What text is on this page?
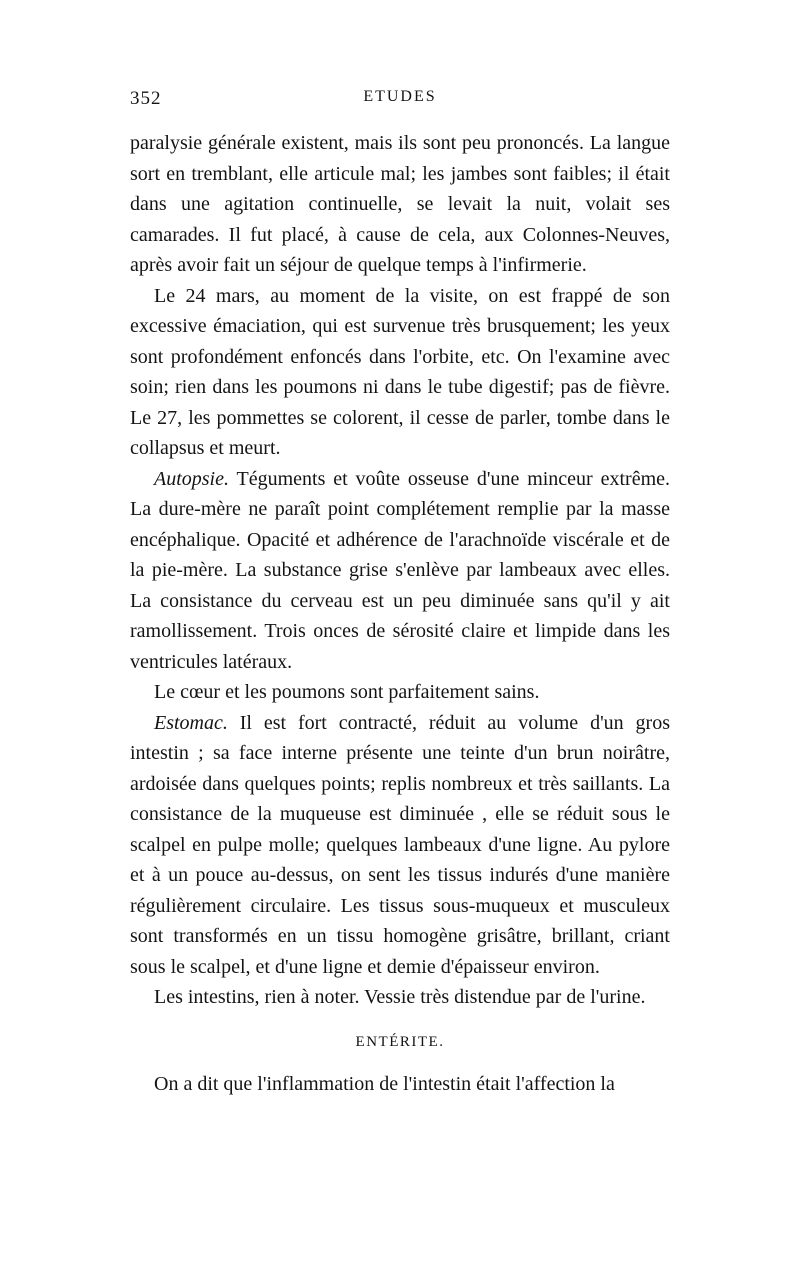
352	ETUDES

paralysie générale existent, mais ils sont peu prononcés. La langue sort en tremblant, elle articule mal; les jambes sont faibles; il était dans une agitation continuelle, se levait la nuit, volait ses camarades. Il fut placé, à cause de cela, aux Colonnes-Neuves, après avoir fait un séjour de quelque temps à l'infirmerie.

Le 24 mars, au moment de la visite, on est frappé de son excessive émaciation, qui est survenue très brusquement; les yeux sont profondément enfoncés dans l'orbite, etc. On l'examine avec soin; rien dans les poumons ni dans le tube digestif; pas de fièvre. Le 27, les pommettes se colorent, il cesse de parler, tombe dans le collapsus et meurt.

Autopsie. Téguments et voûte osseuse d'une minceur extrême. La dure-mère ne paraît point complétement remplie par la masse encéphalique. Opacité et adhérence de l'arachnoïde viscérale et de la pie-mère. La substance grise s'enlève par lambeaux avec elles. La consistance du cerveau est un peu diminuée sans qu'il y ait ramollissement. Trois onces de sérosité claire et limpide dans les ventricules latéraux.

Le cœur et les poumons sont parfaitement sains.

Estomac. Il est fort contracté, réduit au volume d'un gros intestin ; sa face interne présente une teinte d'un brun noirâtre, ardoisée dans quelques points; replis nombreux et très saillants. La consistance de la muqueuse est diminuée , elle se réduit sous le scalpel en pulpe molle; quelques lambeaux d'une ligne. Au pylore et à un pouce au-dessus, on sent les tissus indurés d'une manière régulièrement circulaire. Les tissus sous-muqueux et musculeux sont transformés en un tissu homogène grisâtre, brillant, criant sous le scalpel, et d'une ligne et demie d'épaisseur environ.

Les intestins, rien à noter. Vessie très distendue par de l'urine.

ENTÉRITE.

On a dit que l'inflammation de l'intestin était l'affection la
